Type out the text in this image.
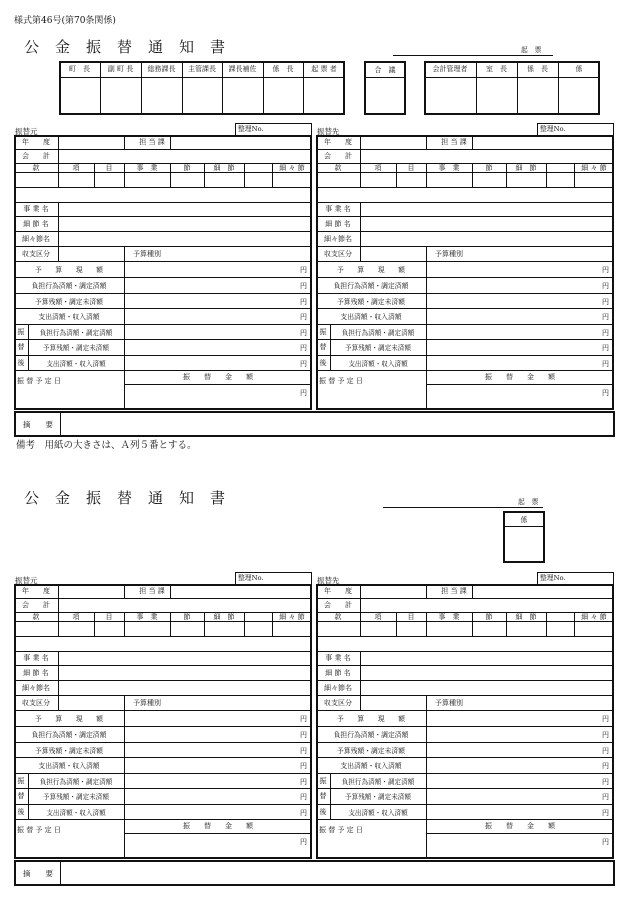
様式第46号(第70条関係)
公　金　振　替　通　知　書	起　票
町　長	副 町 長	総務課長	主管課長	課長補佐	係　長	起 票 者	合　議	会計管理者	室　長	係　長	係
振替元	整理No.
年　　度
会　　計
担 当 課
款	項	目	事　業	節	細　節	細 々 節
事 業 名
細 節 名
細々節名
収支区分	予算種別
予　　算　　現　　額	円
負担行為済額・調定済額	円
予算残額・調定未済額	円
支出済額・収入済額	円
振	負担行為済額・調定済額	円
替	予算残額・調定未済額	円
後	支出済額・収入済額	円
振 替 予 定 日	振　　替　　金　　額
円
振替先	整理No.
年　　度
会　　計
担 当 課
款	項	目	事　業	節	細　節	細 々 節
事 業 名
細 節 名
細々節名
収支区分	予算種別
予　　算　　現　　額	円
負担行為済額・調定済額	円
予算残額・調定未済額	円
支出済額・収入済額	円
振	負担行為済額・調定済額	円
替	予算残額・調定未済額	円
後	支出済額・収入済額	円
振 替 予 定 日	振　　替　　金　　額
円
摘　　要
備考　用紙の大きさは、Ａ列５番とする。
公　金　振　替　通　知　書	起　票
係
振替元	整理No.
年　　度
会　　計
担 当 課
款	項	目	事　業	節	細　節	細 々 節
事 業 名
細 節 名
細々節名
収支区分	予算種別
予　　算　　現　　額	円
負担行為済額・調定済額	円
予算残額・調定未済額	円
支出済額・収入済額	円
振	負担行為済額・調定済額	円
替	予算残額・調定未済額	円
後	支出済額・収入済額	円
振 替 予 定 日	振　　替　　金　　額
円
振替先	整理No.
年　　度
会　　計
担 当 課
款	項	目	事　業	節	細　節	細 々 節
事 業 名
細 節 名
細々節名
収支区分	予算種別
予　　算　　現　　額	円
負担行為済額・調定済額	円
予算残額・調定未済額	円
支出済額・収入済額	円
振	負担行為済額・調定済額	円
替	予算残額・調定未済額	円
後	支出済額・収入済額	円
振 替 予 定 日	振　　替　　金　　額
円
摘　　要
